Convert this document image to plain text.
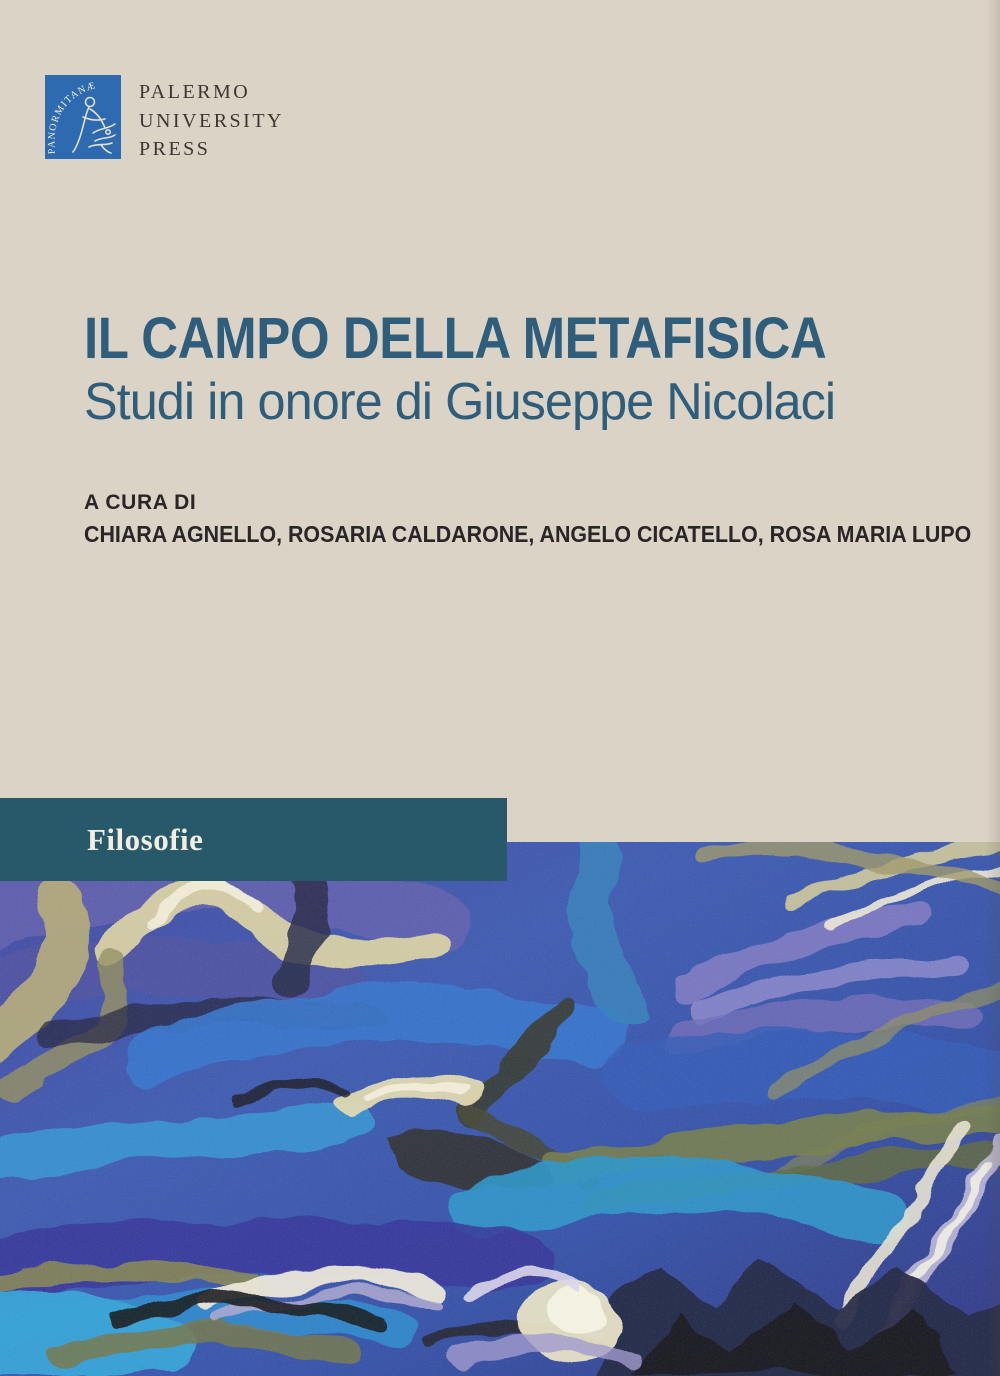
PANORMITANÆ PALERMO
UNIVERSITY
PRESS
IL CAMPO DELLA METAFISICA
Studi in onore di Giuseppe Nicolaci
A CURA DI
CHIARA AGNELLO, ROSARIA CALDARONE, ANGELO CICATELLO, ROSA MARIA LUPO
Filosofie
